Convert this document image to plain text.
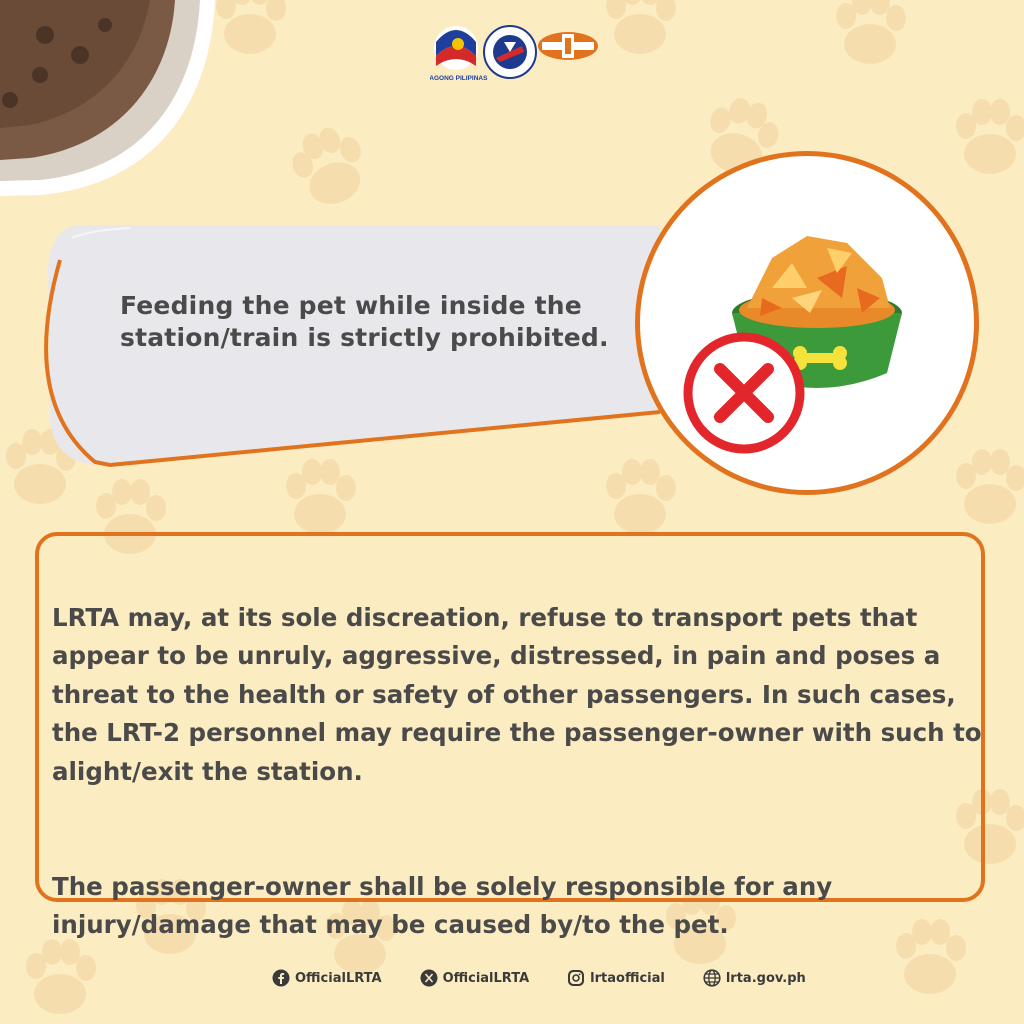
BAGONG PILIPINAS
Feeding the pet while inside the
station/train is strictly prohibited.

LRTA may, at its sole discreation, refuse to transport pets that appear to be unruly, aggressive, distressed, in pain and poses a threat to the health or safety of other passengers. In such cases, the LRT-2 personnel may require the passenger-owner with such to alight/exit the station.

The passenger-owner shall be solely responsible for any injury/damage that may be caused by/to the pet.

OfficialLRTA	OfficialLRTA	lrtaofficial	lrta.gov.ph
